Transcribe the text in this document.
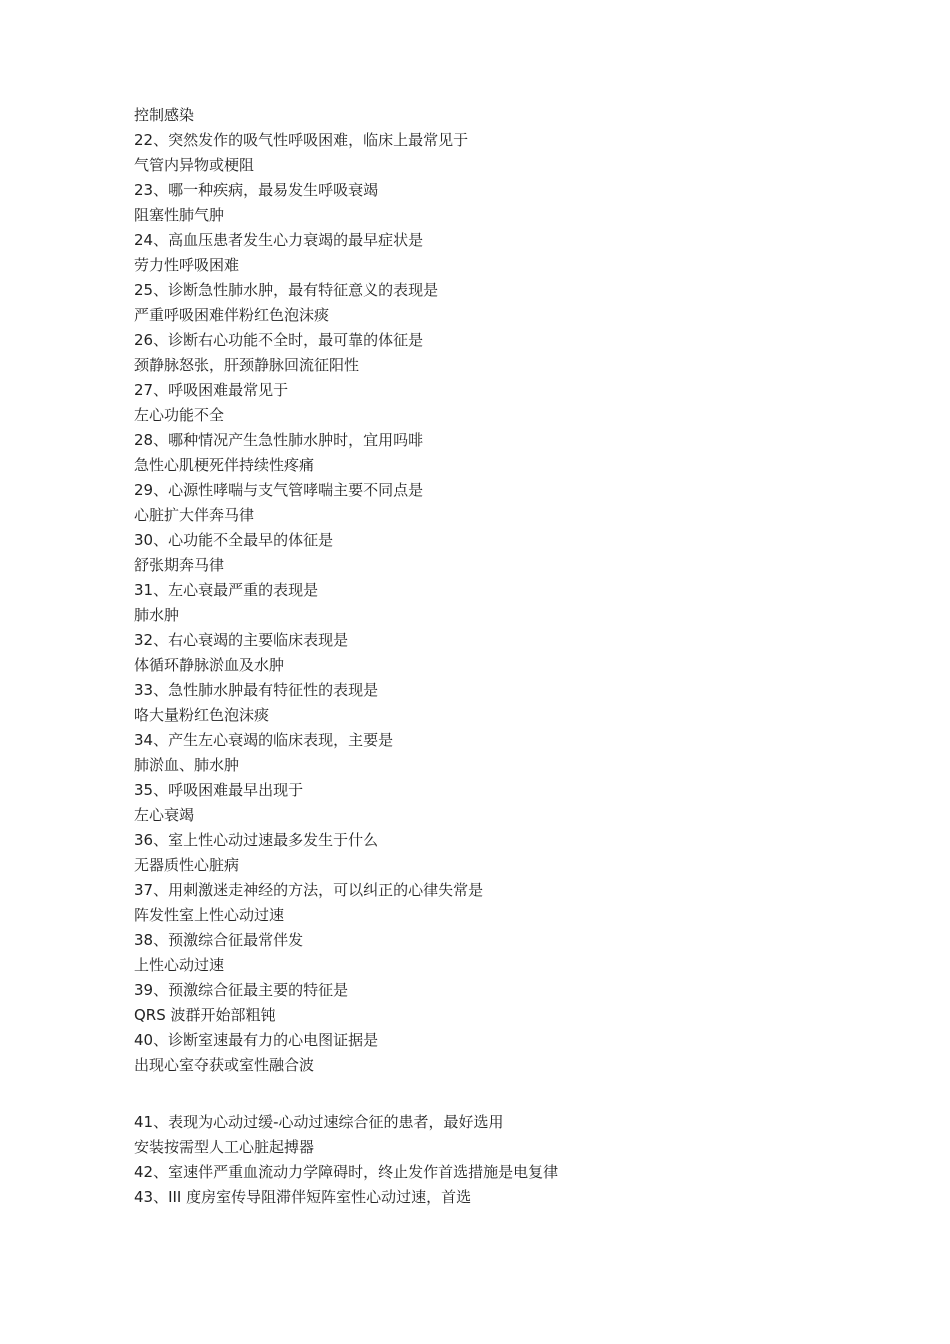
控制感染
22、突然发作的吸气性呼吸困难，临床上最常见于
气管内异物或梗阻
23、哪一种疾病，最易发生呼吸衰竭
阻塞性肺气肿
24、高血压患者发生心力衰竭的最早症状是
劳力性呼吸困难
25、诊断急性肺水肿，最有特征意义的表现是
严重呼吸困难伴粉红色泡沫痰
26、诊断右心功能不全时，最可靠的体征是
颈静脉怒张，肝颈静脉回流征阳性
27、呼吸困难最常见于
左心功能不全
28、哪种情况产生急性肺水肿时，宜用吗啡
急性心肌梗死伴持续性疼痛
29、心源性哮喘与支气管哮喘主要不同点是
心脏扩大伴奔马律
30、心功能不全最早的体征是
舒张期奔马律
31、左心衰最严重的表现是
肺水肿
32、右心衰竭的主要临床表现是
体循环静脉淤血及水肿
33、急性肺水肿最有特征性的表现是
咯大量粉红色泡沫痰
34、产生左心衰竭的临床表现，主要是
肺淤血、肺水肿
35、呼吸困难最早出现于
左心衰竭
36、室上性心动过速最多发生于什么
无器质性心脏病
37、用刺激迷走神经的方法，可以纠正的心律失常是
阵发性室上性心动过速
38、预激综合征最常伴发
上性心动过速
39、预激综合征最主要的特征是
QRS 波群开始部粗钝
40、诊断室速最有力的心电图证据是
出现心室夺获或室性融合波
41、表现为心动过缓-心动过速综合征的患者，最好选用
安装按需型人工心脏起搏器
42、室速伴严重血流动力学障碍时，终止发作首选措施是电复律
43、III 度房室传导阻滞伴短阵室性心动过速，首选
